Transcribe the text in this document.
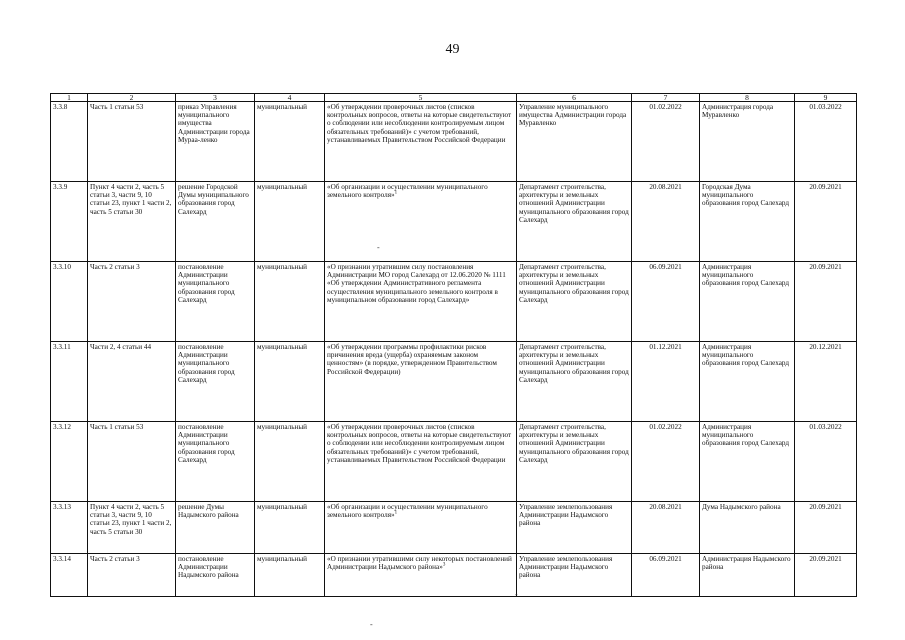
49
1	2	3	4	5	6	7	8	9
3.3.8	Часть 1 статьи 53	приказ Управления муниципального имущества Администрации города Мураа-ленко	муниципальный	«Об утверждении проверочных листов (списков контрольных вопросов, ответы на которые свидетельствуют о соблюдении или несоблюдении контролируемым лицом обязательных требований)» с учетом требований, устанавливаемых Правительством Российской Федерации	Управление муниципального имущества Администрации города Муравленко	01.02.2022	Администрация города Муравленко	01.03.2022
3.3.9	Пункт 4 части 2, часть 5 статьи 3, части 9, 10 статьи 23, пункт 1 части 2, часть 5 статьи 30	решение Городской Думы муниципального образования город Салехард	муниципальный	«Об организации и осуществлении муниципального земельного контроля»$^1$	Департамент строительства, архитектуры и земельных отношений Администрации муниципального образования город Салехард	20.08.2021	Городская Дума муниципального образования город Салехард	20.09.2021
3.3.10	Часть 2 статьи 3	постановление Администрации муниципального образования город Салехард	муниципальный	«О признании утратившим силу постановления Администрации МО город Салехард от 12.06.2020 № 1111 «Об утверждении Административного регламента осуществления муниципального земельного контроля в муниципальном образовании город Салехард»	Департамент строительства, архитектуры и земельных отношений Администрации муниципального образования город Салехард	06.09.2021	Администрация муниципального образования город Салехард	20.09.2021
3.3.11	Части 2, 4 статьи 44	постановление Администрации муниципального образования город Салехард	муниципальный	«Об утверждении программы профилактики рисков причинения вреда (ущерба) охраняемым законом ценностям» (в порядке, утвержденном Правительством Российской Федерации)	Департамент строительства, архитектуры и земельных отношений Администрации муниципального образования город Салехард	01.12.2021	Администрация муниципального образования город Салехард	20.12.2021
3.3.12	Часть 1 статьи 53	постановление Администрации муниципального образования город Салехард	муниципальный	«Об утверждении проверочных листов (списков контрольных вопросов, ответы на которые свидетельствуют о соблюдении или несоблюдении контролируемым лицом обязательных требований)» с учетом требований, устанавливаемых Правительством Российской Федерации	Департамент строительства, архитектуры и земельных отношений Администрации муниципального образования город Салехард	01.02.2022	Администрация муниципального образования город Салехард	01.03.2022
3.3.13	Пункт 4 части 2, часть 5 статьи 3, части 9, 10 статьи 23, пункт 1 части 2, часть 5 статьи 30	решение Думы Надымского района	муниципальный	«Об организации и осуществлении муниципального земельного контроля»$^1$	Управление землепользования Администрации Надымского района	20.08.2021	Дума Надымского района	20.09.2021
3.3.14	Часть 2 статьи 3	постановление Администрации Надымского района	муниципальный	«О признании утратившими силу некоторых постановлений Администрации Надымского района»$^3$	Управление землепользования Администрации Надымского района	06.09.2021	Администрация Надымского района	20.09.2021
-
-
-
